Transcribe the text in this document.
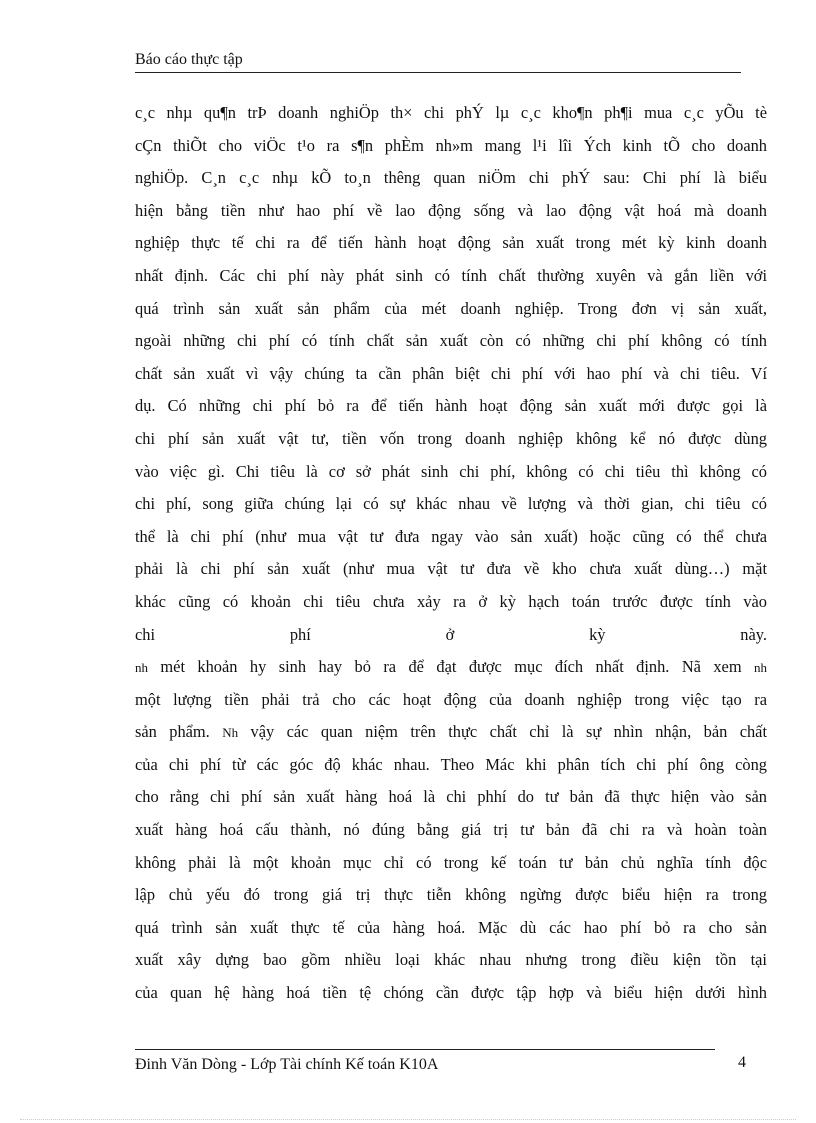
Báo cáo thực tập
c¸c nhµ qu¶n trÞ doanh nghiÖp th× chi phÝ lµ c¸c kho¶n ph¶i mua c¸c yÕu tè
cÇn thiÕt cho viÖc t¹o ra s¶n phÈm nh»m mang l¹i lîi Ých kinh tÕ cho doanh
nghiÖp. C¸n c¸c nhµ kÕ to¸n thêng quan niÖm chi phÝ sau: Chi phí là biểu
hiện bằng tiền như hao phí về lao động sống và lao động vật hoá mà doanh
nghiệp thực tế chi ra để tiến hành hoạt động sản xuất trong mét kỳ kinh doanh
nhất định. Các chi phí này phát sinh có tính chất thường xuyên và gắn liền với
quá trình sản xuất sản phẩm của mét doanh nghiệp. Trong đơn vị sản xuất,
ngoài những chi phí có tính chất sản xuất còn có những chi phí không có tính
chất sản xuất vì vậy chúng ta cần phân biệt chi phí với hao phí và chi tiêu. Ví
dụ. Có những chi phí bỏ ra để tiến hành hoạt động sản xuất mới được gọi là
chi phí sản xuất vật tư, tiền vốn trong doanh nghiệp không kể nó được dùng
vào việc gì. Chi tiêu là cơ sở phát sinh chi phí, không có chi tiêu thì không có
chi phí, song giữa chúng lại có sự khác nhau về lượng và thời gian, chi tiêu có
thể là chi phí (như mua vật tư đưa ngay vào sản xuất) hoặc cũng có thể chưa
phải là chi phí sản xuất (như mua vật tư đưa về kho chưa xuất dùng…) mặt
khác cũng có khoản chi tiêu chưa xảy ra ở kỳ hạch toán trước được tính vào
chi	phí	ở	kỳ	này.
nh mét khoản hy sinh hay bỏ ra để đạt được mục đích nhất định. Nã xem nh
một lượng tiền phải trả cho các hoạt động của doanh nghiệp trong việc tạo ra
sản phẩm. Nh vậy các quan niệm trên thực chất chỉ là sự nhìn nhận, bản chất
của chi phí từ các góc độ khác nhau. Theo Mác khi phân tích chi phí ông còng
cho rằng chi phí sản xuất hàng hoá là chi phhí do tư bản đã thực hiện vào sản
xuất hàng hoá cấu thành, nó đúng bằng giá trị tư bản đã chi ra và hoàn toàn
không phải là một khoản mục chỉ có trong kế toán tư bản chủ nghĩa tính độc
lập chủ yếu đó trong giá trị thực tiễn không ngừng được biểu hiện ra trong
quá trình sản xuất thực tế của hàng hoá. Mặc dù các hao phí bỏ ra cho sản
xuất xây dựng bao gồm nhiều loại khác nhau nhưng trong điều kiện tồn tại
của quan hệ hàng hoá tiền tệ chóng cần được tập hợp và biểu hiện dưới hình
Đinh Văn Dòng - Lớp Tài chính Kế toán K10A	4
